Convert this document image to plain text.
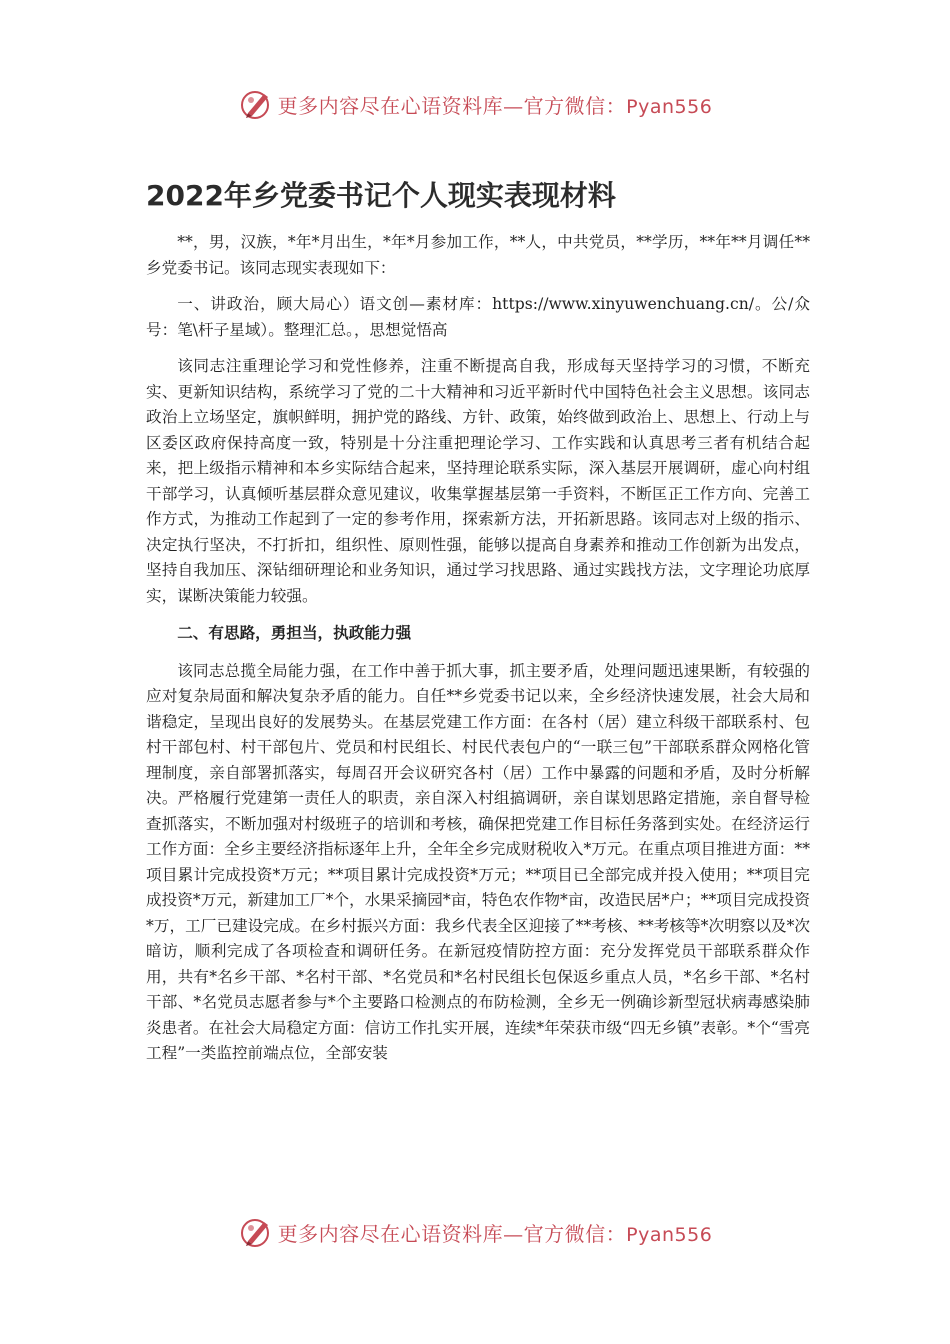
更多内容尽在心语资料库—官方微信：Pyan556
2022年乡党委书记个人现实表现材料

**，男，汉族，*年*月出生，*年*月参加工作，**人，中共党员，**学历，**年**月调任**乡党委书记。该同志现实表现如下：

一、讲政治，顾大局心）语文创—素材库：https://www.xinyuwenchuang.cn/。公/众号：笔\杆子星域）。整理汇总。，思想觉悟高

该同志注重理论学习和党性修养，注重不断提高自我，形成每天坚持学习的习惯，不断充实、更新知识结构，系统学习了党的二十大精神和习近平新时代中国特色社会主义思想。该同志政治上立场坚定，旗帜鲜明，拥护党的路线、方针、政策，始终做到政治上、思想上、行动上与区委区政府保持高度一致，特别是十分注重把理论学习、工作实践和认真思考三者有机结合起来，把上级指示精神和本乡实际结合起来，坚持理论联系实际，深入基层开展调研，虚心向村组干部学习，认真倾听基层群众意见建议，收集掌握基层第一手资料，不断匡正工作方向、完善工作方式，为推动工作起到了一定的参考作用，探索新方法，开拓新思路。该同志对上级的指示、决定执行坚决，不打折扣，组织性、原则性强，能够以提高自身素养和推动工作创新为出发点，坚持自我加压、深钻细研理论和业务知识，通过学习找思路、通过实践找方法，文字理论功底厚实，谋断决策能力较强。

二、有思路，勇担当，执政能力强

该同志总揽全局能力强，在工作中善于抓大事，抓主要矛盾，处理问题迅速果断，有较强的应对复杂局面和解决复杂矛盾的能力。自任**乡党委书记以来，全乡经济快速发展，社会大局和谐稳定，呈现出良好的发展势头。在基层党建工作方面：在各村（居）建立科级干部联系村、包村干部包村、村干部包片、党员和村民组长、村民代表包户的“一联三包”干部联系群众网格化管理制度，亲自部署抓落实，每周召开会议研究各村（居）工作中暴露的问题和矛盾，及时分析解决。严格履行党建第一责任人的职责，亲自深入村组搞调研，亲自谋划思路定措施，亲自督导检查抓落实，不断加强对村级班子的培训和考核，确保把党建工作目标任务落到实处。在经济运行工作方面：全乡主要经济指标逐年上升，全年全乡完成财税收入*万元。在重点项目推进方面：**项目累计完成投资*万元；**项目累计完成投资*万元；**项目已全部完成并投入使用；**项目完成投资*万元，新建加工厂*个，水果采摘园*亩，特色农作物*亩，改造民居*户；**项目完成投资*万，工厂已建设完成。在乡村振兴方面：我乡代表全区迎接了**考核、**考核等*次明察以及*次暗访，顺利完成了各项检查和调研任务。在新冠疫情防控方面：充分发挥党员干部联系群众作用，共有*名乡干部、*名村干部、*名党员和*名村民组长包保返乡重点人员，*名乡干部、*名村干部、*名党员志愿者参与*个主要路口检测点的布防检测，全乡无一例确诊新型冠状病毒感染肺炎患者。在社会大局稳定方面：信访工作扎实开展，连续*年荣获市级“四无乡镇”表彰。*个“雪亮工程”一类监控前端点位，全部安装

更多内容尽在心语资料库—官方微信：Pyan556
